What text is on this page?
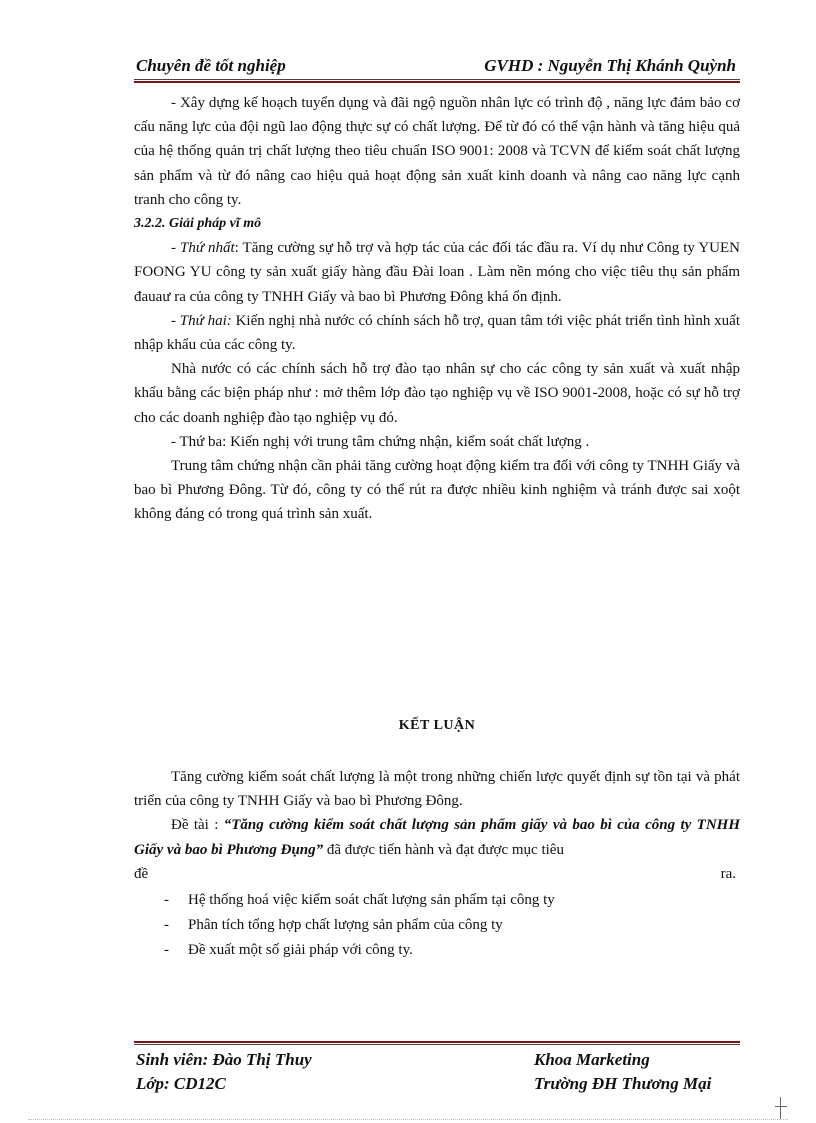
Chuyên đề tốt nghiệp	GVHD : Nguyễn Thị Khánh Quỳnh

- Xây dựng kế hoạch tuyển dụng và đãi ngộ nguồn nhân lực có trình độ , năng lực đảm bảo cơ cấu năng lực của đội ngũ lao động thực sự có chất lượng. Để từ đó có thể vận hành và tăng hiệu quả của hệ thống quản trị chất lượng theo tiêu chuẩn ISO 9001: 2008 và TCVN để kiểm soát chất lượng sản phẩm và từ đó nâng cao hiệu quả hoạt động sản xuất kinh doanh và nâng cao năng lực cạnh tranh cho công ty.

3.2.2. Giải pháp vĩ mô

- Thứ nhất: Tăng cường sự hỗ trợ và hợp tác của các đối tác đầu ra. Ví dụ như Công ty YUEN FOONG YU công ty sản xuất giấy hàng đầu Đài loan . Làm nền móng cho việc tiêu thụ sản phẩm đauaư ra của công ty TNHH Giấy và bao bì Phương Đông khá ổn định.

- Thứ hai: Kiến nghị nhà nước có chính sách hỗ trợ, quan tâm tới việc phát triển tình hình xuất nhập khẩu của các công ty.

Nhà nước có các chính sách hỗ trợ đào tạo nhân sự cho các công ty sản xuất và xuất nhập khẩu bằng các biện pháp như : mở thêm lớp đào tạo nghiệp vụ về ISO 9001-2008, hoặc có sự hỗ trợ cho các doanh nghiệp đào tạo nghiệp vụ đó.

- Thứ ba: Kiến nghị với trung tâm chứng nhận, kiểm soát chất lượng .

Trung tâm chứng nhận cần phải tăng cường hoạt động kiểm tra đối với công ty TNHH Giấy và bao bì Phương Đông. Từ đó, công ty có thể rút ra được nhiều kinh nghiệm và tránh được sai xoột không đáng có trong quá trình sản xuất.

KẾT LUẬN

Tăng cường kiểm soát chất lượng là một trong những chiến lược quyết định sự tồn tại và phát triển của công ty TNHH Giấy và bao bì Phương Đông.

Đề tài : “Tăng cường kiểm soát chất lượng sản phẩm giấy và bao bì của công ty TNHH Giấy và bao bì Phương Đụng” đã được tiến hành và đạt được mục tiêu

đề	ra.
-	Hệ thống hoá việc kiểm soát chất lượng sản phẩm tại công ty
-	Phân tích tổng hợp chất lượng sản phẩm của công ty
-	Đề xuất một số giải pháp với công ty.
Sinh viên: Đào Thị Thuy
Lớp: CD12C
Khoa Marketing
Trường ĐH Thương Mại
